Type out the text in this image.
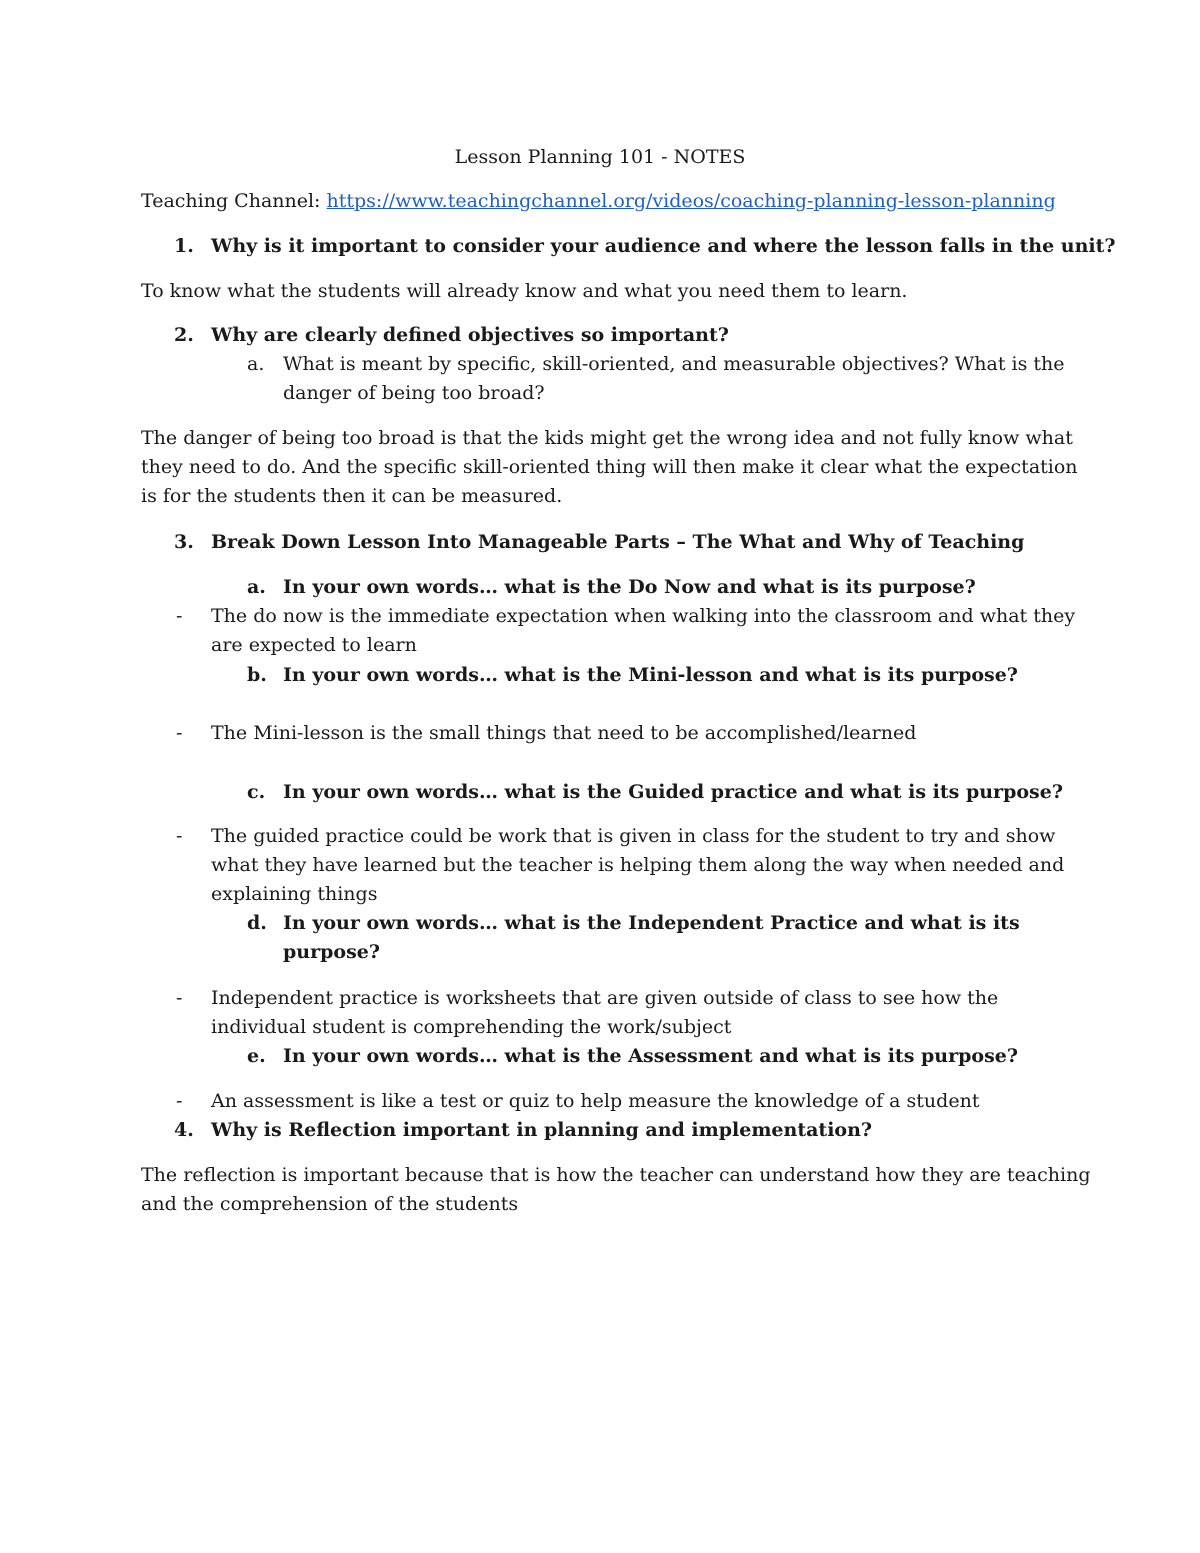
Lesson Planning 101 - NOTES
Teaching Channel: https://www.teachingchannel.org/videos/coaching-planning-lesson-planning
1. Why is it important to consider your audience and where the lesson falls in the unit?
To know what the students will already know and what you need them to learn.
2. Why are clearly defined objectives so important?
a. What is meant by specific, skill-oriented, and measurable objectives? What is the
danger of being too broad?
The danger of being too broad is that the kids might get the wrong idea and not fully know what
they need to do. And the specific skill-oriented thing will then make it clear what the expectation
is for the students then it can be measured.
3. Break Down Lesson Into Manageable Parts – The What and Why of Teaching
a. In your own words… what is the Do Now and what is its purpose?
- The do now is the immediate expectation when walking into the classroom and what they
are expected to learn
b. In your own words… what is the Mini-lesson and what is its purpose?
- The Mini-lesson is the small things that need to be accomplished/learned
c. In your own words… what is the Guided practice and what is its purpose?
- The guided practice could be work that is given in class for the student to try and show
what they have learned but the teacher is helping them along the way when needed and
explaining things
d. In your own words… what is the Independent Practice and what is its
purpose?
- Independent practice is worksheets that are given outside of class to see how the
individual student is comprehending the work/subject
e. In your own words… what is the Assessment and what is its purpose?
- An assessment is like a test or quiz to help measure the knowledge of a student
4. Why is Reflection important in planning and implementation?
The reflection is important because that is how the teacher can understand how they are teaching
and the comprehension of the students
